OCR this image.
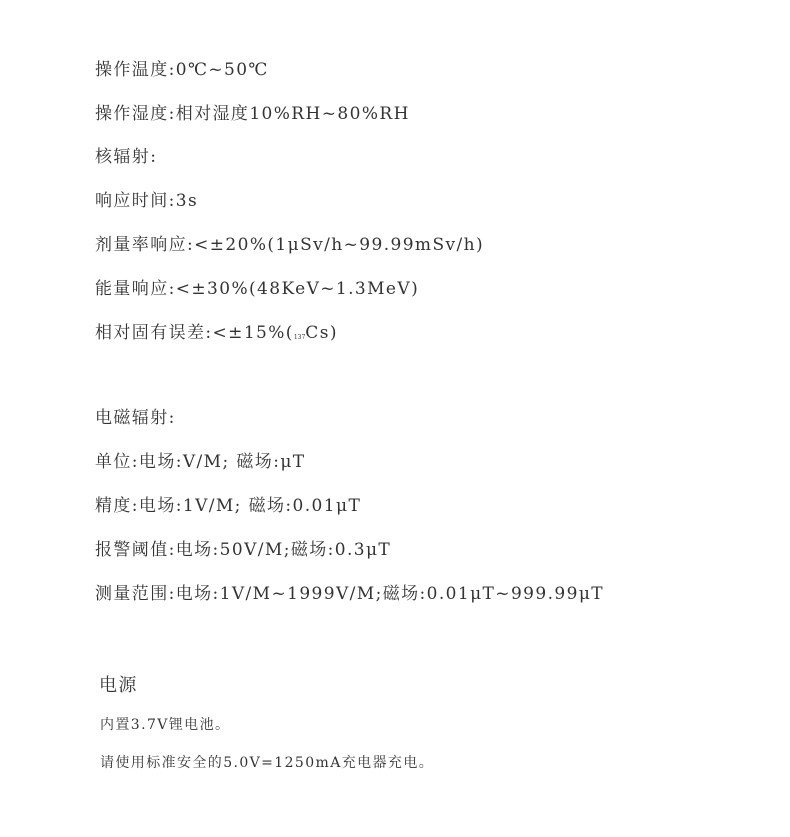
操作温度:0℃~50℃
操作湿度:相对湿度10%RH~80%RH
核辐射:
响应时间:3s
剂量率响应:<±20%(1μSv/h~99.99mSv/h)
能量响应:<±30%(48KeV~1.3MeV)
相对固有误差:<±15%(137Cs)
电磁辐射:
单位:电场:V/M; 磁场:μT
精度:电场:1V/M; 磁场:0.01μT
报警阈值:电场:50V/M;磁场:0.3μT
测量范围:电场:1V/M~1999V/M;磁场:0.01μT~999.99μT
电源
内置3.7V锂电池。
请使用标准安全的5.0V=1250mA充电器充电。
